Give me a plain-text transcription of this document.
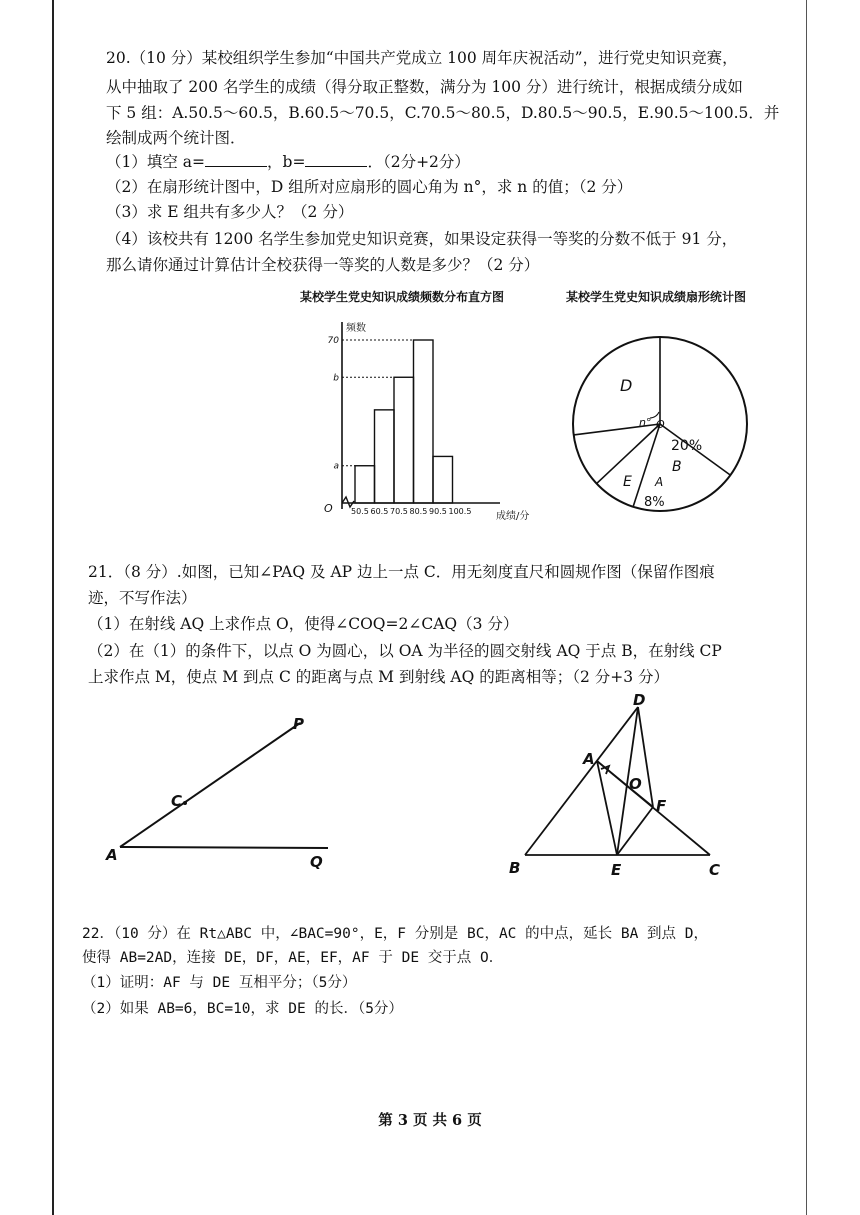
20.（10 分）某校组织学生参加“中国共产党成立 100 周年庆祝活动”，进行党史知识竞赛，
从中抽取了 200 名学生的成绩（得分取正整数，满分为 100 分）进行统计，根据成绩分成如
下 5 组：A.50.5～60.5，B.60.5～70.5，C.70.5～80.5，D.80.5～90.5，E.90.5～100.5．并
绘制成两个统计图．
（1）填空 a=	，b=	．（2分+2分）
（2）在扇形统计图中，D 组所对应扇形的圆心角为 n°，求 n 的值；（2 分）
（3）求 E 组共有多少人？（2 分）
（4）该校共有 1200 名学生参加党史知识竞赛，如果设定获得一等奖的分数不低于 91 分，
那么请你通过计算估计全校获得一等奖的人数是多少？（2 分）
某校学生党史知识成绩频数分布直方图
频数
成绩/分
O
70
b
a
50.5 60.5 70.5 80.5 90.5 100.5
某校学生党史知识成绩扇形统计图
D
n° O
20%
B
E A
8%
21．（8 分）.如图，已知∠PAQ 及 AP 边上一点 C．用无刻度直尺和圆规作图（保留作图痕
迹，不写作法）
（1）在射线 AQ 上求作点 O，使得∠COQ=2∠CAQ（3 分）
（2）在（1）的条件下，以点 O 为圆心，以 OA 为半径的圆交射线 AQ 于点 B，在射线 CP
上求作点 M，使点 M 到点 C 的距离与点 M 到射线 AQ 的距离相等；（2 分+3 分）
P
C
A	Q
D
A
O
F
B	E	C
22．（10 分）在 Rt△ABC 中，∠BAC=90°，E，F 分别是 BC，AC 的中点，延长 BA 到点 D，
使得 AB=2AD，连接 DE，DF，AE，EF，AF 于 DE 交于点 O．
（1）证明：AF 与 DE 互相平分；（5分）
（2）如果 AB=6，BC=10，求 DE 的长．（5分）
第 3 页 共 6 页
